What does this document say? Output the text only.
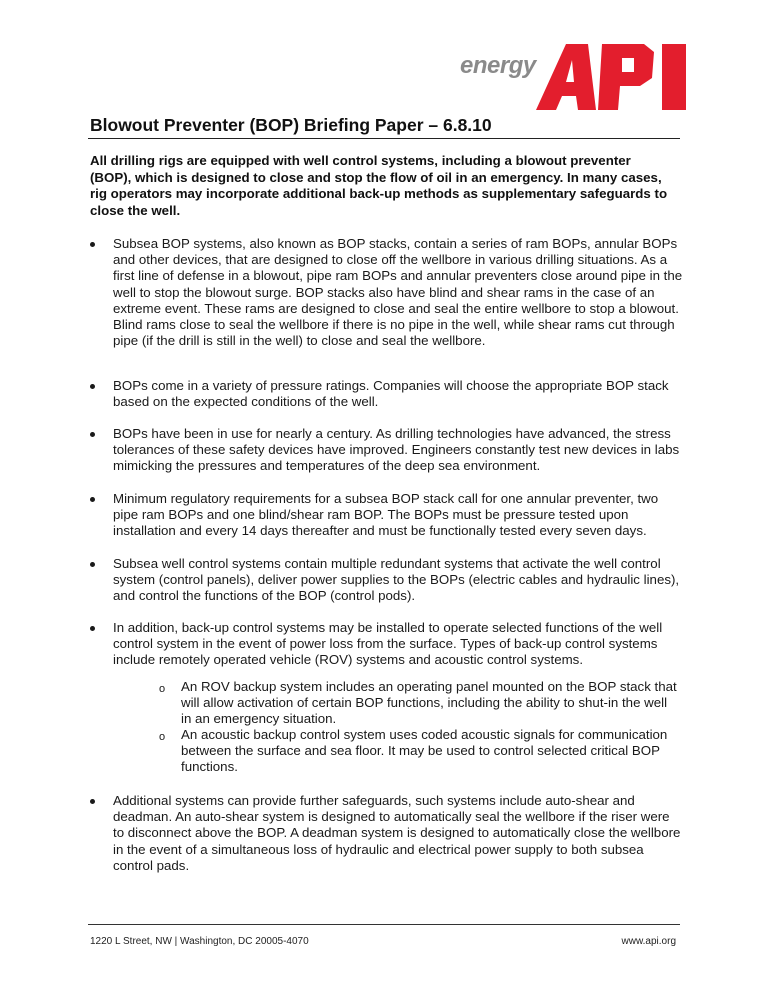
energy
Blowout Preventer (BOP) Briefing Paper – 6.8.10

All drilling rigs are equipped with well control systems, including a blowout preventer (BOP), which is designed to close and stop the flow of oil in an emergency. In many cases, rig operators may incorporate additional back-up methods as supplementary safeguards to close the well.

Subsea BOP systems, also known as BOP stacks, contain a series of ram BOPs, annular BOPs and other devices, that are designed to close off the wellbore in various drilling situations. As a first line of defense in a blowout, pipe ram BOPs and annular preventers close around pipe in the well to stop the blowout surge. BOP stacks also have blind and shear rams in the case of an extreme event. These rams are designed to close and seal the entire wellbore to stop a blowout. Blind rams close to seal the wellbore if there is no pipe in the well, while shear rams cut through pipe (if the drill is still in the well) to close and seal the wellbore.

BOPs come in a variety of pressure ratings. Companies will choose the appropriate BOP stack based on the expected conditions of the well.

BOPs have been in use for nearly a century. As drilling technologies have advanced, the stress tolerances of these safety devices have improved. Engineers constantly test new devices in labs mimicking the pressures and temperatures of the deep sea environment.

Minimum regulatory requirements for a subsea BOP stack call for one annular preventer, two pipe ram BOPs and one blind/shear ram BOP. The BOPs must be pressure tested upon installation and every 14 days thereafter and must be functionally tested every seven days.

Subsea well control systems contain multiple redundant systems that activate the well control system (control panels), deliver power supplies to the BOPs (electric cables and hydraulic lines), and control the functions of the BOP (control pods).

In addition, back-up control systems may be installed to operate selected functions of the well control system in the event of power loss from the surface. Types of back-up control systems include remotely operated vehicle (ROV) systems and acoustic control systems.

o An ROV backup system includes an operating panel mounted on the BOP stack that will allow activation of certain BOP functions, including the ability to shut-in the well in an emergency situation.

o An acoustic backup control system uses coded acoustic signals for communication between the surface and sea floor. It may be used to control selected critical BOP functions.

Additional systems can provide further safeguards, such systems include auto-shear and deadman. An auto-shear system is designed to automatically seal the wellbore if the riser were to disconnect above the BOP. A deadman system is designed to automatically close the wellbore in the event of a simultaneous loss of hydraulic and electrical power supply to both subsea control pads.

1220 L Street, NW | Washington, DC 20005-4070	www.api.org
